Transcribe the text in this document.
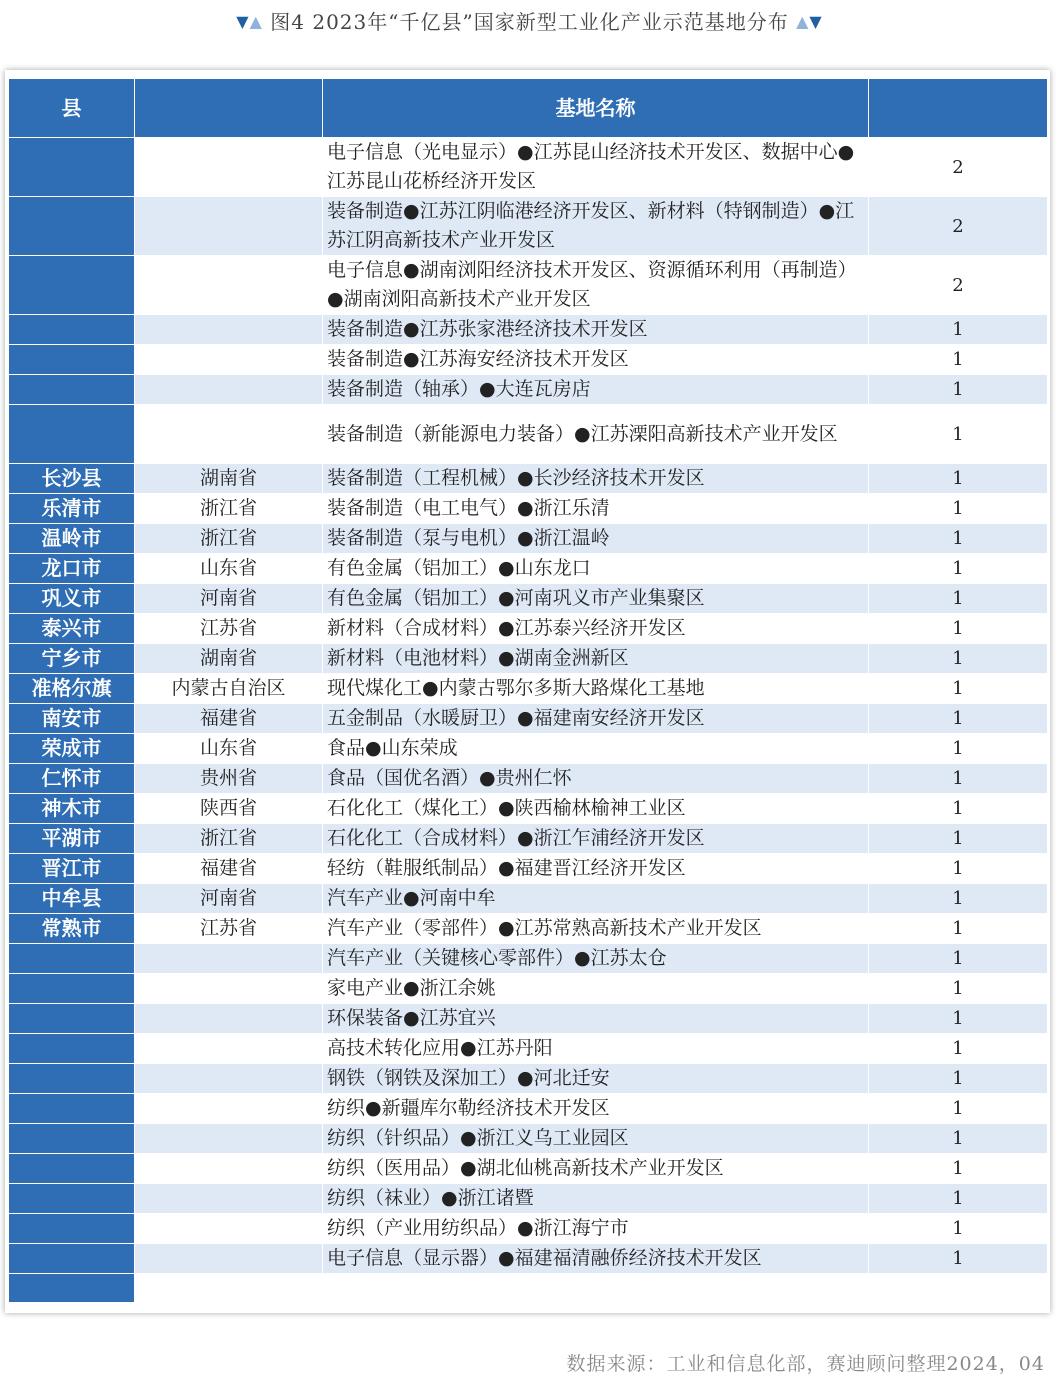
▼▲ 图4 2023年“千亿县”国家新型工业化产业示范基地分布 ▲▼
县		基地名称	
		电子信息（光电显示）●江苏昆山经济技术开发区、数据中心●江苏昆山花桥经济开发区	2
		装备制造●江苏江阴临港经济开发区、新材料（特钢制造）●江苏江阴高新技术产业开发区	2
		电子信息●湖南浏阳经济技术开发区、资源循环利用（再制造）●湖南浏阳高新技术产业开发区	2
		装备制造●江苏张家港经济技术开发区	1
		装备制造●江苏海安经济技术开发区	1
		装备制造（轴承）●大连瓦房店	1
		装备制造（新能源电力装备）●江苏溧阳高新技术产业开发区	1
长沙县	湖南省	装备制造（工程机械）●长沙经济技术开发区	1
乐清市	浙江省	装备制造（电工电气）●浙江乐清	1
温岭市	浙江省	装备制造（泵与电机）●浙江温岭	1
龙口市	山东省	有色金属（铝加工）●山东龙口	1
巩义市	河南省	有色金属（铝加工）●河南巩义市产业集聚区	1
泰兴市	江苏省	新材料（合成材料）●江苏泰兴经济开发区	1
宁乡市	湖南省	新材料（电池材料）●湖南金洲新区	1
准格尔旗	内蒙古自治区	现代煤化工●内蒙古鄂尔多斯大路煤化工基地	1
南安市	福建省	五金制品（水暖厨卫）●福建南安经济开发区	1
荣成市	山东省	食品●山东荣成	1
仁怀市	贵州省	食品（国优名酒）●贵州仁怀	1
神木市	陕西省	石化化工（煤化工）●陕西榆林榆神工业区	1
平湖市	浙江省	石化化工（合成材料）●浙江乍浦经济开发区	1
晋江市	福建省	轻纺（鞋服纸制品）●福建晋江经济开发区	1
中牟县	河南省	汽车产业●河南中牟	1
常熟市	江苏省	汽车产业（零部件）●江苏常熟高新技术产业开发区	1
		汽车产业（关键核心零部件）●江苏太仓	1
		家电产业●浙江余姚	1
		环保装备●江苏宜兴	1
		高技术转化应用●江苏丹阳	1
		钢铁（钢铁及深加工）●河北迁安	1
		纺织●新疆库尔勒经济技术开发区	1
		纺织（针织品）●浙江义乌工业园区	1
		纺织（医用品）●湖北仙桃高新技术产业开发区	1
		纺织（袜业）●浙江诸暨	1
		纺织（产业用纺织品）●浙江海宁市	1
		电子信息（显示器）●福建福清融侨经济技术开发区	1

数据来源：工业和信息化部，赛迪顾问整理2024，04
